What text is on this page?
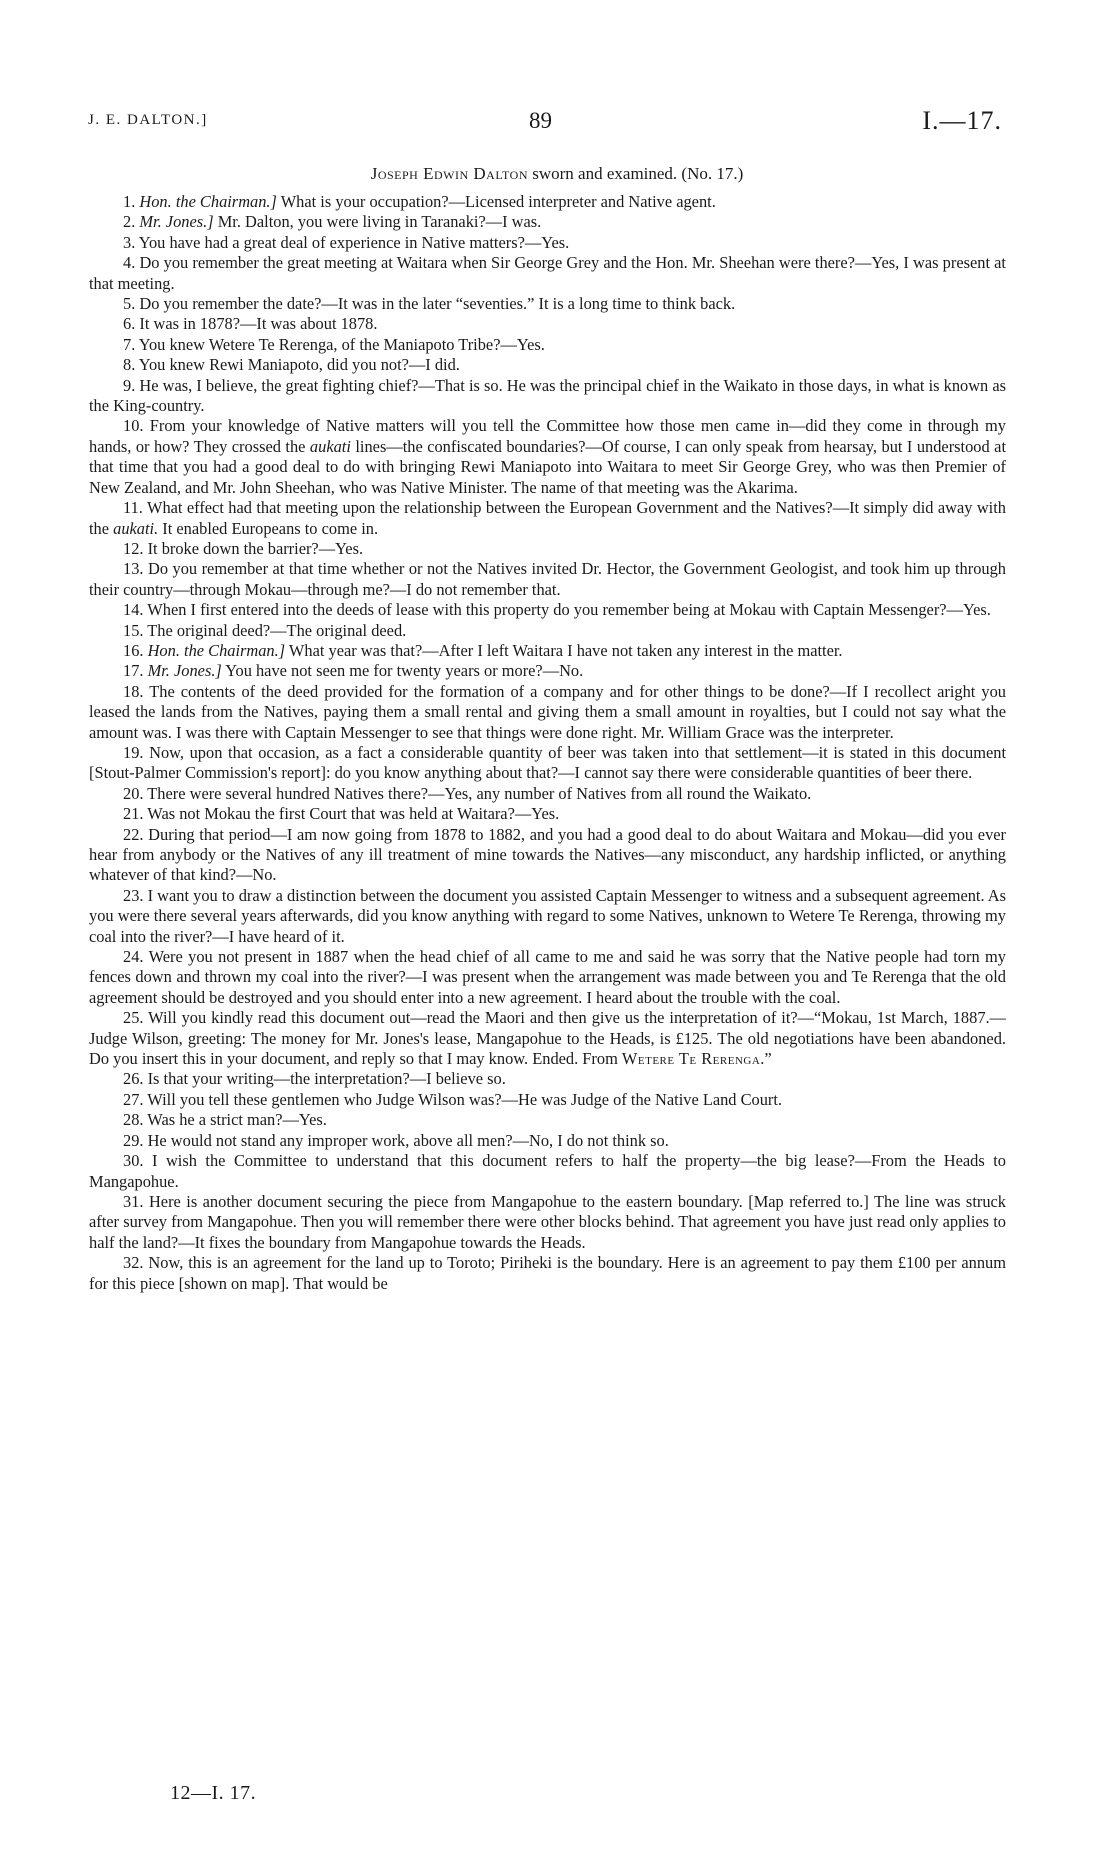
J. E. DALTON.]	89	I.—17.
Joseph Edwin Dalton sworn and examined. (No. 17.)

1. Hon. the Chairman.] What is your occupation?—Licensed interpreter and Native agent.

2. Mr. Jones.] Mr. Dalton, you were living in Taranaki?—I was.

3. You have had a great deal of experience in Native matters?—Yes.

4. Do you remember the great meeting at Waitara when Sir George Grey and the Hon. Mr. Sheehan were there?—Yes, I was present at that meeting.

5. Do you remember the date?—It was in the later “seventies.” It is a long time to think back.

6. It was in 1878?—It was about 1878.

7. You knew Wetere Te Rerenga, of the Maniapoto Tribe?—Yes.

8. You knew Rewi Maniapoto, did you not?—I did.

9. He was, I believe, the great fighting chief?—That is so. He was the principal chief in the Waikato in those days, in what is known as the King-country.

10. From your knowledge of Native matters will you tell the Committee how those men came in—did they come in through my hands, or how? They crossed the aukati lines—the confiscated boundaries?—Of course, I can only speak from hearsay, but I understood at that time that you had a good deal to do with bringing Rewi Maniapoto into Waitara to meet Sir George Grey, who was then Premier of New Zealand, and Mr. John Sheehan, who was Native Minister. The name of that meeting was the Akarima.

11. What effect had that meeting upon the relationship between the European Government and the Natives?—It simply did away with the aukati. It enabled Europeans to come in.

12. It broke down the barrier?—Yes.

13. Do you remember at that time whether or not the Natives invited Dr. Hector, the Government Geologist, and took him up through their country—through Mokau—through me?—I do not remember that.

14. When I first entered into the deeds of lease with this property do you remember being at Mokau with Captain Messenger?—Yes.

15. The original deed?—The original deed.

16. Hon. the Chairman.] What year was that?—After I left Waitara I have not taken any interest in the matter.

17. Mr. Jones.] You have not seen me for twenty years or more?—No.

18. The contents of the deed provided for the formation of a company and for other things to be done?—If I recollect aright you leased the lands from the Natives, paying them a small rental and giving them a small amount in royalties, but I could not say what the amount was. I was there with Captain Messenger to see that things were done right. Mr. William Grace was the interpreter.

19. Now, upon that occasion, as a fact a considerable quantity of beer was taken into that settlement—it is stated in this document [Stout-Palmer Commission's report]: do you know anything about that?—I cannot say there were considerable quantities of beer there.

20. There were several hundred Natives there?—Yes, any number of Natives from all round the Waikato.

21. Was not Mokau the first Court that was held at Waitara?—Yes.

22. During that period—I am now going from 1878 to 1882, and you had a good deal to do about Waitara and Mokau—did you ever hear from anybody or the Natives of any ill treatment of mine towards the Natives—any misconduct, any hardship inflicted, or anything whatever of that kind?—No.

23. I want you to draw a distinction between the document you assisted Captain Messenger to witness and a subsequent agreement. As you were there several years afterwards, did you know anything with regard to some Natives, unknown to Wetere Te Rerenga, throwing my coal into the river?—I have heard of it.

24. Were you not present in 1887 when the head chief of all came to me and said he was sorry that the Native people had torn my fences down and thrown my coal into the river?—I was present when the arrangement was made between you and Te Rerenga that the old agreement should be destroyed and you should enter into a new agreement. I heard about the trouble with the coal.

25. Will you kindly read this document out—read the Maori and then give us the interpretation of it?—“Mokau, 1st March, 1887.—Judge Wilson, greeting: The money for Mr. Jones's lease, Mangapohue to the Heads, is £125. The old negotiations have been abandoned. Do you insert this in your document, and reply so that I may know. Ended. From Wetere Te Rerenga.”

26. Is that your writing—the interpretation?—I believe so.

27. Will you tell these gentlemen who Judge Wilson was?—He was Judge of the Native Land Court.

28. Was he a strict man?—Yes.

29. He would not stand any improper work, above all men?—No, I do not think so.

30. I wish the Committee to understand that this document refers to half the property—the big lease?—From the Heads to Mangapohue.

31. Here is another document securing the piece from Mangapohue to the eastern boundary. [Map referred to.] The line was struck after survey from Mangapohue. Then you will remember there were other blocks behind. That agreement you have just read only applies to half the land?—It fixes the boundary from Mangapohue towards the Heads.

32. Now, this is an agreement for the land up to Toroto; Piriheki is the boundary. Here is an agreement to pay them £100 per annum for this piece [shown on map]. That would be

12—I. 17.
